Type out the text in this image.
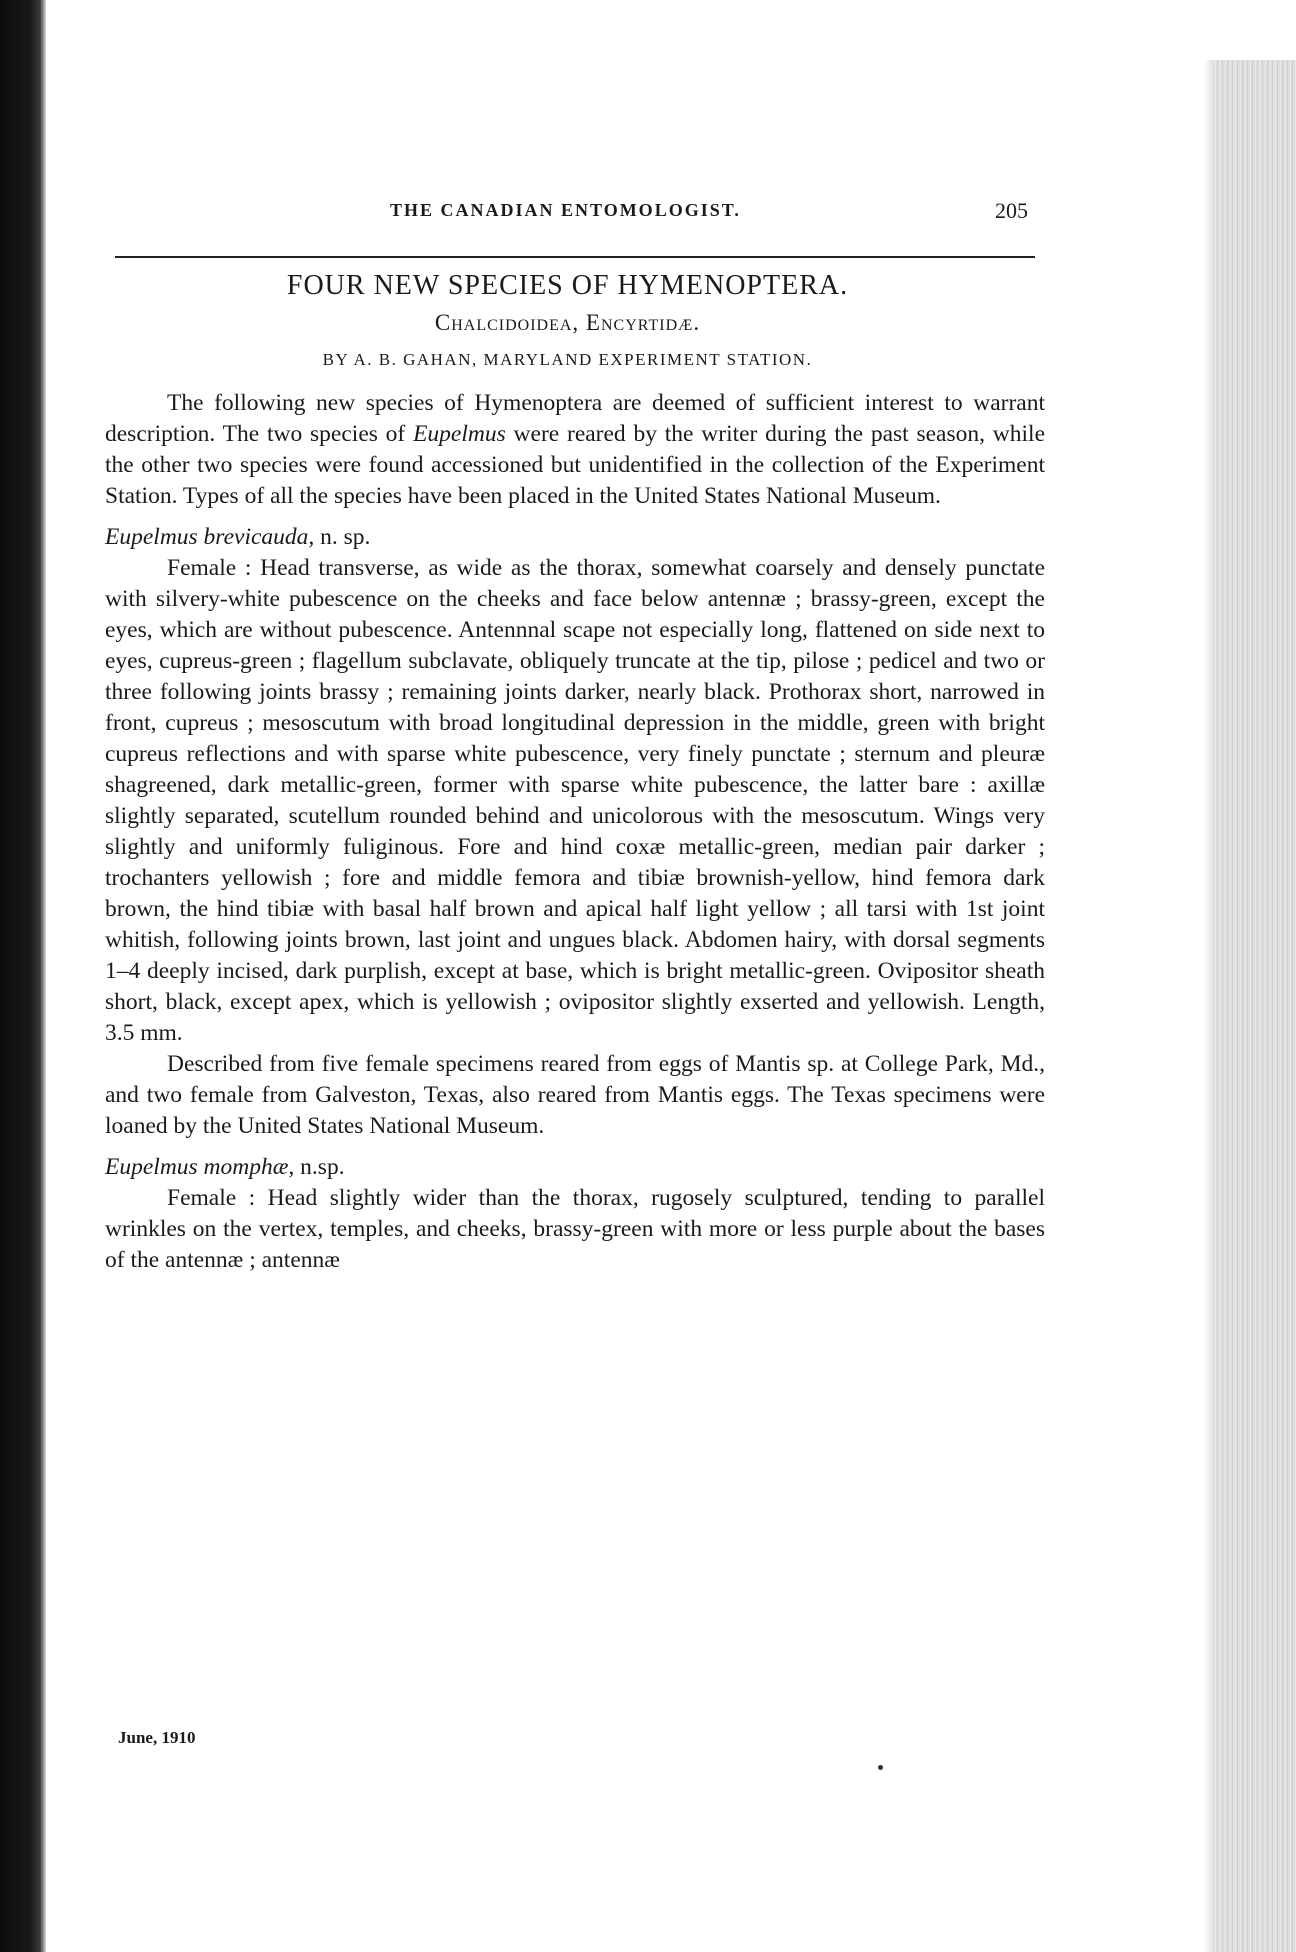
THE CANADIAN ENTOMOLOGIST.	205
FOUR NEW SPECIES OF HYMENOPTERA.
Chalcidoidea, Encyrtidæ.
BY A. B. GAHAN, MARYLAND EXPERIMENT STATION.

The following new species of Hymenoptera are deemed of sufficient interest to warrant description. The two species of Eupelmus were reared by the writer during the past season, while the other two species were found accessioned but unidentified in the collection of the Experiment Station. Types of all the species have been placed in the United States National Museum.

Eupelmus brevicauda, n. sp.

Female : Head transverse, as wide as the thorax, somewhat coarsely and densely punctate with silvery-white pubescence on the cheeks and face below antennæ ; brassy-green, except the eyes, which are without pubescence. Antennnal scape not especially long, flattened on side next to eyes, cupreus-green ; flagellum subclavate, obliquely truncate at the tip, pilose ; pedicel and two or three following joints brassy ; remaining joints darker, nearly black. Prothorax short, narrowed in front, cupreus ; mesoscutum with broad longitudinal depression in the middle, green with bright cupreus reflections and with sparse white pubescence, very finely punctate ; sternum and pleuræ shagreened, dark metallic-green, former with sparse white pubescence, the latter bare : axillæ slightly separated, scutellum rounded behind and unicolorous with the mesoscutum. Wings very slightly and uniformly fuliginous. Fore and hind coxæ metallic-green, median pair darker ; trochanters yellowish ; fore and middle femora and tibiæ brownish-yellow, hind femora dark brown, the hind tibiæ with basal half brown and apical half light yellow ; all tarsi with 1st joint whitish, following joints brown, last joint and ungues black. Abdomen hairy, with dorsal segments 1–4 deeply incised, dark purplish, except at base, which is bright metallic-green. Ovipositor sheath short, black, except apex, which is yellowish ; ovipositor slightly exserted and yellowish. Length, 3.5 mm.

Described from five female specimens reared from eggs of Mantis sp. at College Park, Md., and two female from Galveston, Texas, also reared from Mantis eggs. The Texas specimens were loaned by the United States National Museum.

Eupelmus momphæ, n.sp.

Female : Head slightly wider than the thorax, rugosely sculptured, tending to parallel wrinkles on the vertex, temples, and cheeks, brassy-green with more or less purple about the bases of the antennæ ; antennæ

June, 1910
